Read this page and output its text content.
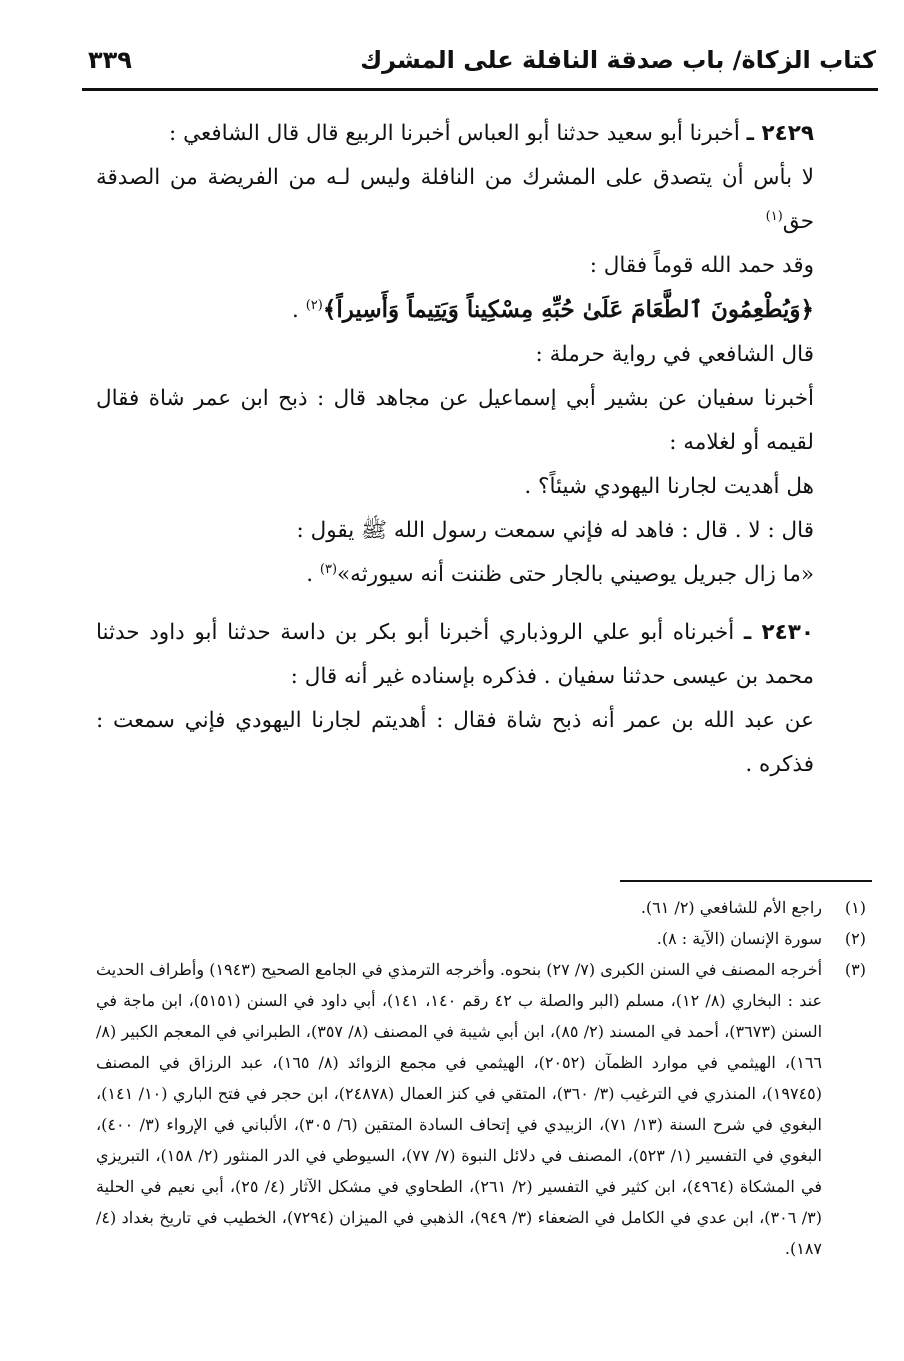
كتاب الزكاة/ باب صدقة النافلة على المشرك
٣٣٩

٢٤٢٩ ـ أخبرنا أبو سعيد حدثنا أبو العباس أخبرنا الربيع قال قال الشافعي :

لا بأس أن يتصدق على المشرك من النافلة وليس لـه من الفريضة من الصدقة حق$^{(١)}$

وقد حمد الله قوماً فقال :

﴿وَيُطْعِمُونَ ٱلطَّعَامَ عَلَىٰ حُبِّهِ مِسْكِيناً وَيَتِيماً وَأَسِيراً﴾$^{(٢)}$ .

قال الشافعي في رواية حرملة :

أخبرنا سفيان عن بشير أبي إسماعيل عن مجاهد قال : ذبح ابن عمر شاة فقال لقيمه أو لغلامه :

هل أهديت لجارنا اليهودي شيئاً؟ .

قال : لا . قال : فاهد له فإني سمعت رسول الله ﷺ يقول :

«ما زال جبريل يوصيني بالجار حتى ظننت أنه سيورثه»$^{(٣)}$ .

٢٤٣٠ ـ أخبرناه أبو علي الروذباري أخبرنا أبو بكر بن داسة حدثنا أبو داود حدثنا محمد بن عيسى حدثنا سفيان . فذكره بإسناده غير أنه قال :

عن عبد الله بن عمر أنه ذبح شاة فقال : أهديتم لجارنا اليهودي فإني سمعت : فذكره .

(١)
راجع الأم للشافعي (٢/ ٦١).
(٢)
سورة الإنسان (الآية : ٨).
(٣)
أخرجه المصنف في السنن الكبرى (٧/ ٢٧) بنحوه. وأخرجه الترمذي في الجامع الصحيح (١٩٤٣) وأطراف الحديث عند : البخاري (٨/ ١٢)، مسلم (البر والصلة ب ٤٢ رقم ١٤٠، ١٤١)، أبي داود في السنن (٥١٥١)، ابن ماجة في السنن (٣٦٧٣)، أحمد في المسند (٢/ ٨٥)، ابن أبي شيبة في المصنف (٨/ ٣٥٧)، الطبراني في المعجم الكبير (٨/ ١٦٦)، الهيثمي في موارد الظمآن (٢٠٥٢)، الهيثمي في مجمع الزوائد (٨/ ١٦٥)، عبد الرزاق في المصنف (١٩٧٤٥)، المنذري في الترغيب (٣/ ٣٦٠)، المتقي في كنز العمال (٢٤٨٧٨)، ابن حجر في فتح الباري (١٠/ ١٤١)، البغوي في شرح السنة (١٣/ ٧١)، الزبيدي في إتحاف السادة المتقين (٦/ ٣٠٥)، الألباني في الإرواء (٣/ ٤٠٠)، البغوي في التفسير (١/ ٥٢٣)، المصنف في دلائل النبوة (٧/ ٧٧)، السيوطي في الدر المنثور (٢/ ١٥٨)، التبريزي في المشكاة (٤٩٦٤)، ابن كثير في التفسير (٢/ ٢٦١)، الطحاوي في مشكل الآثار (٤/ ٢٥)، أبي نعيم في الحلية (٣/ ٣٠٦)، ابن عدي في الكامل في الضعفاء (٣/ ٩٤٩)، الذهبي في الميزان (٧٢٩٤)، الخطيب في تاريخ بغداد (٤/ ١٨٧).
